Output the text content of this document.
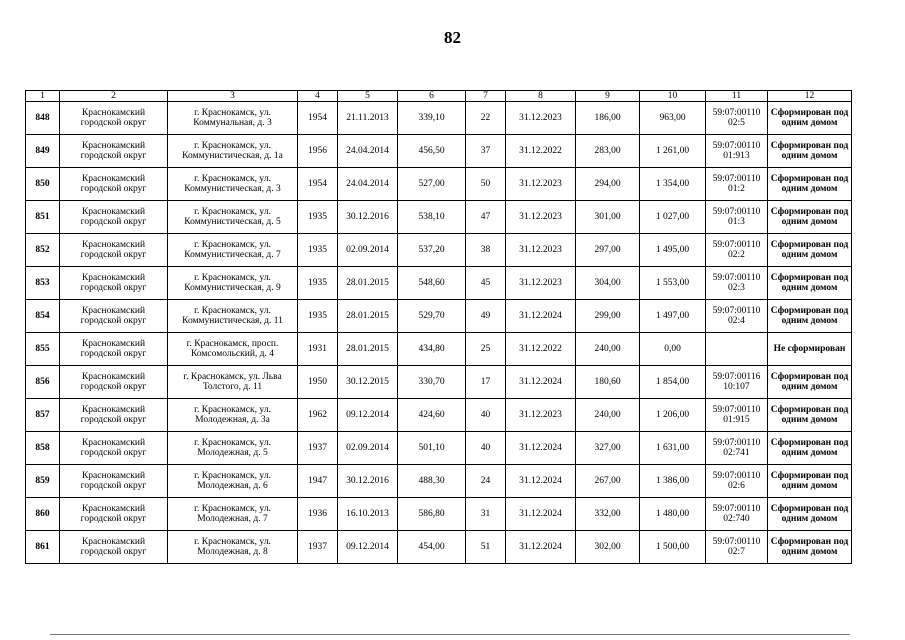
82
1	2	3	4	5	6	7	8	9	10	11	12
848	Краснокамский городской округ	г. Краснокамск, ул. Коммунальная, д. 3	1954	21.11.2013	339,10	22	31.12.2023	186,00	963,00	59:07:00110 02:5	Сформирован под одним домом
849	Краснокамский городской округ	г. Краснокамск, ул. Коммунистическая, д. 1а	1956	24.04.2014	456,50	37	31.12.2022	283,00	1 261,00	59:07:00110 01:913	Сформирован под одним домом
850	Краснокамский городской округ	г. Краснокамск, ул. Коммунистическая, д. 3	1954	24.04.2014	527,00	50	31.12.2023	294,00	1 354,00	59:07:00110 01:2	Сформирован под одним домом
851	Краснокамский городской округ	г. Краснокамск, ул. Коммунистическая, д. 5	1935	30.12.2016	538,10	47	31.12.2023	301,00	1 027,00	59:07:00110 01:3	Сформирован под одним домом
852	Краснокамский городской округ	г. Краснокамск, ул. Коммунистическая, д. 7	1935	02.09.2014	537,20	38	31.12.2023	297,00	1 495,00	59:07:00110 02:2	Сформирован под одним домом
853	Краснокамский городской округ	г. Краснокамск, ул. Коммунистическая, д. 9	1935	28.01.2015	548,60	45	31.12.2023	304,00	1 553,00	59:07:00110 02:3	Сформирован под одним домом
854	Краснокамский городской округ	г. Краснокамск, ул. Коммунистическая, д. 11	1935	28.01.2015	529,70	49	31.12.2024	299,00	1 497,00	59:07:00110 02:4	Сформирован под одним домом
855	Краснокамский городской округ	г. Краснокамск, просп. Комсомольский, д. 4	1931	28.01.2015	434,80	25	31.12.2022	240,00	0,00		Не сформирован
856	Краснокамский городской округ	г. Краснокамск, ул. Льва Толстого, д. 11	1950	30.12.2015	330,70	17	31.12.2024	180,60	1 854,00	59:07:00116 10:107	Сформирован под одним домом
857	Краснокамский городской округ	г. Краснокамск, ул. Молодежная, д. 3а	1962	09.12.2014	424,60	40	31.12.2023	240,00	1 206,00	59:07:00110 01:915	Сформирован под одним домом
858	Краснокамский городской округ	г. Краснокамск, ул. Молодежная, д. 5	1937	02.09.2014	501,10	40	31.12.2024	327,00	1 631,00	59:07:00110 02:741	Сформирован под одним домом
859	Краснокамский городской округ	г. Краснокамск, ул. Молодежная, д. 6	1947	30.12.2016	488,30	24	31.12.2024	267,00	1 386,00	59:07:00110 02:6	Сформирован под одним домом
860	Краснокамский городской округ	г. Краснокамск, ул. Молодежная, д. 7	1936	16.10.2013	586,80	31	31.12.2024	332,00	1 480,00	59:07:00110 02:740	Сформирован под одним домом
861	Краснокамский городской округ	г. Краснокамск, ул. Молодежная, д. 8	1937	09.12.2014	454,00	51	31.12.2024	302,00	1 500,00	59:07:00110 02:7	Сформирован под одним домом
